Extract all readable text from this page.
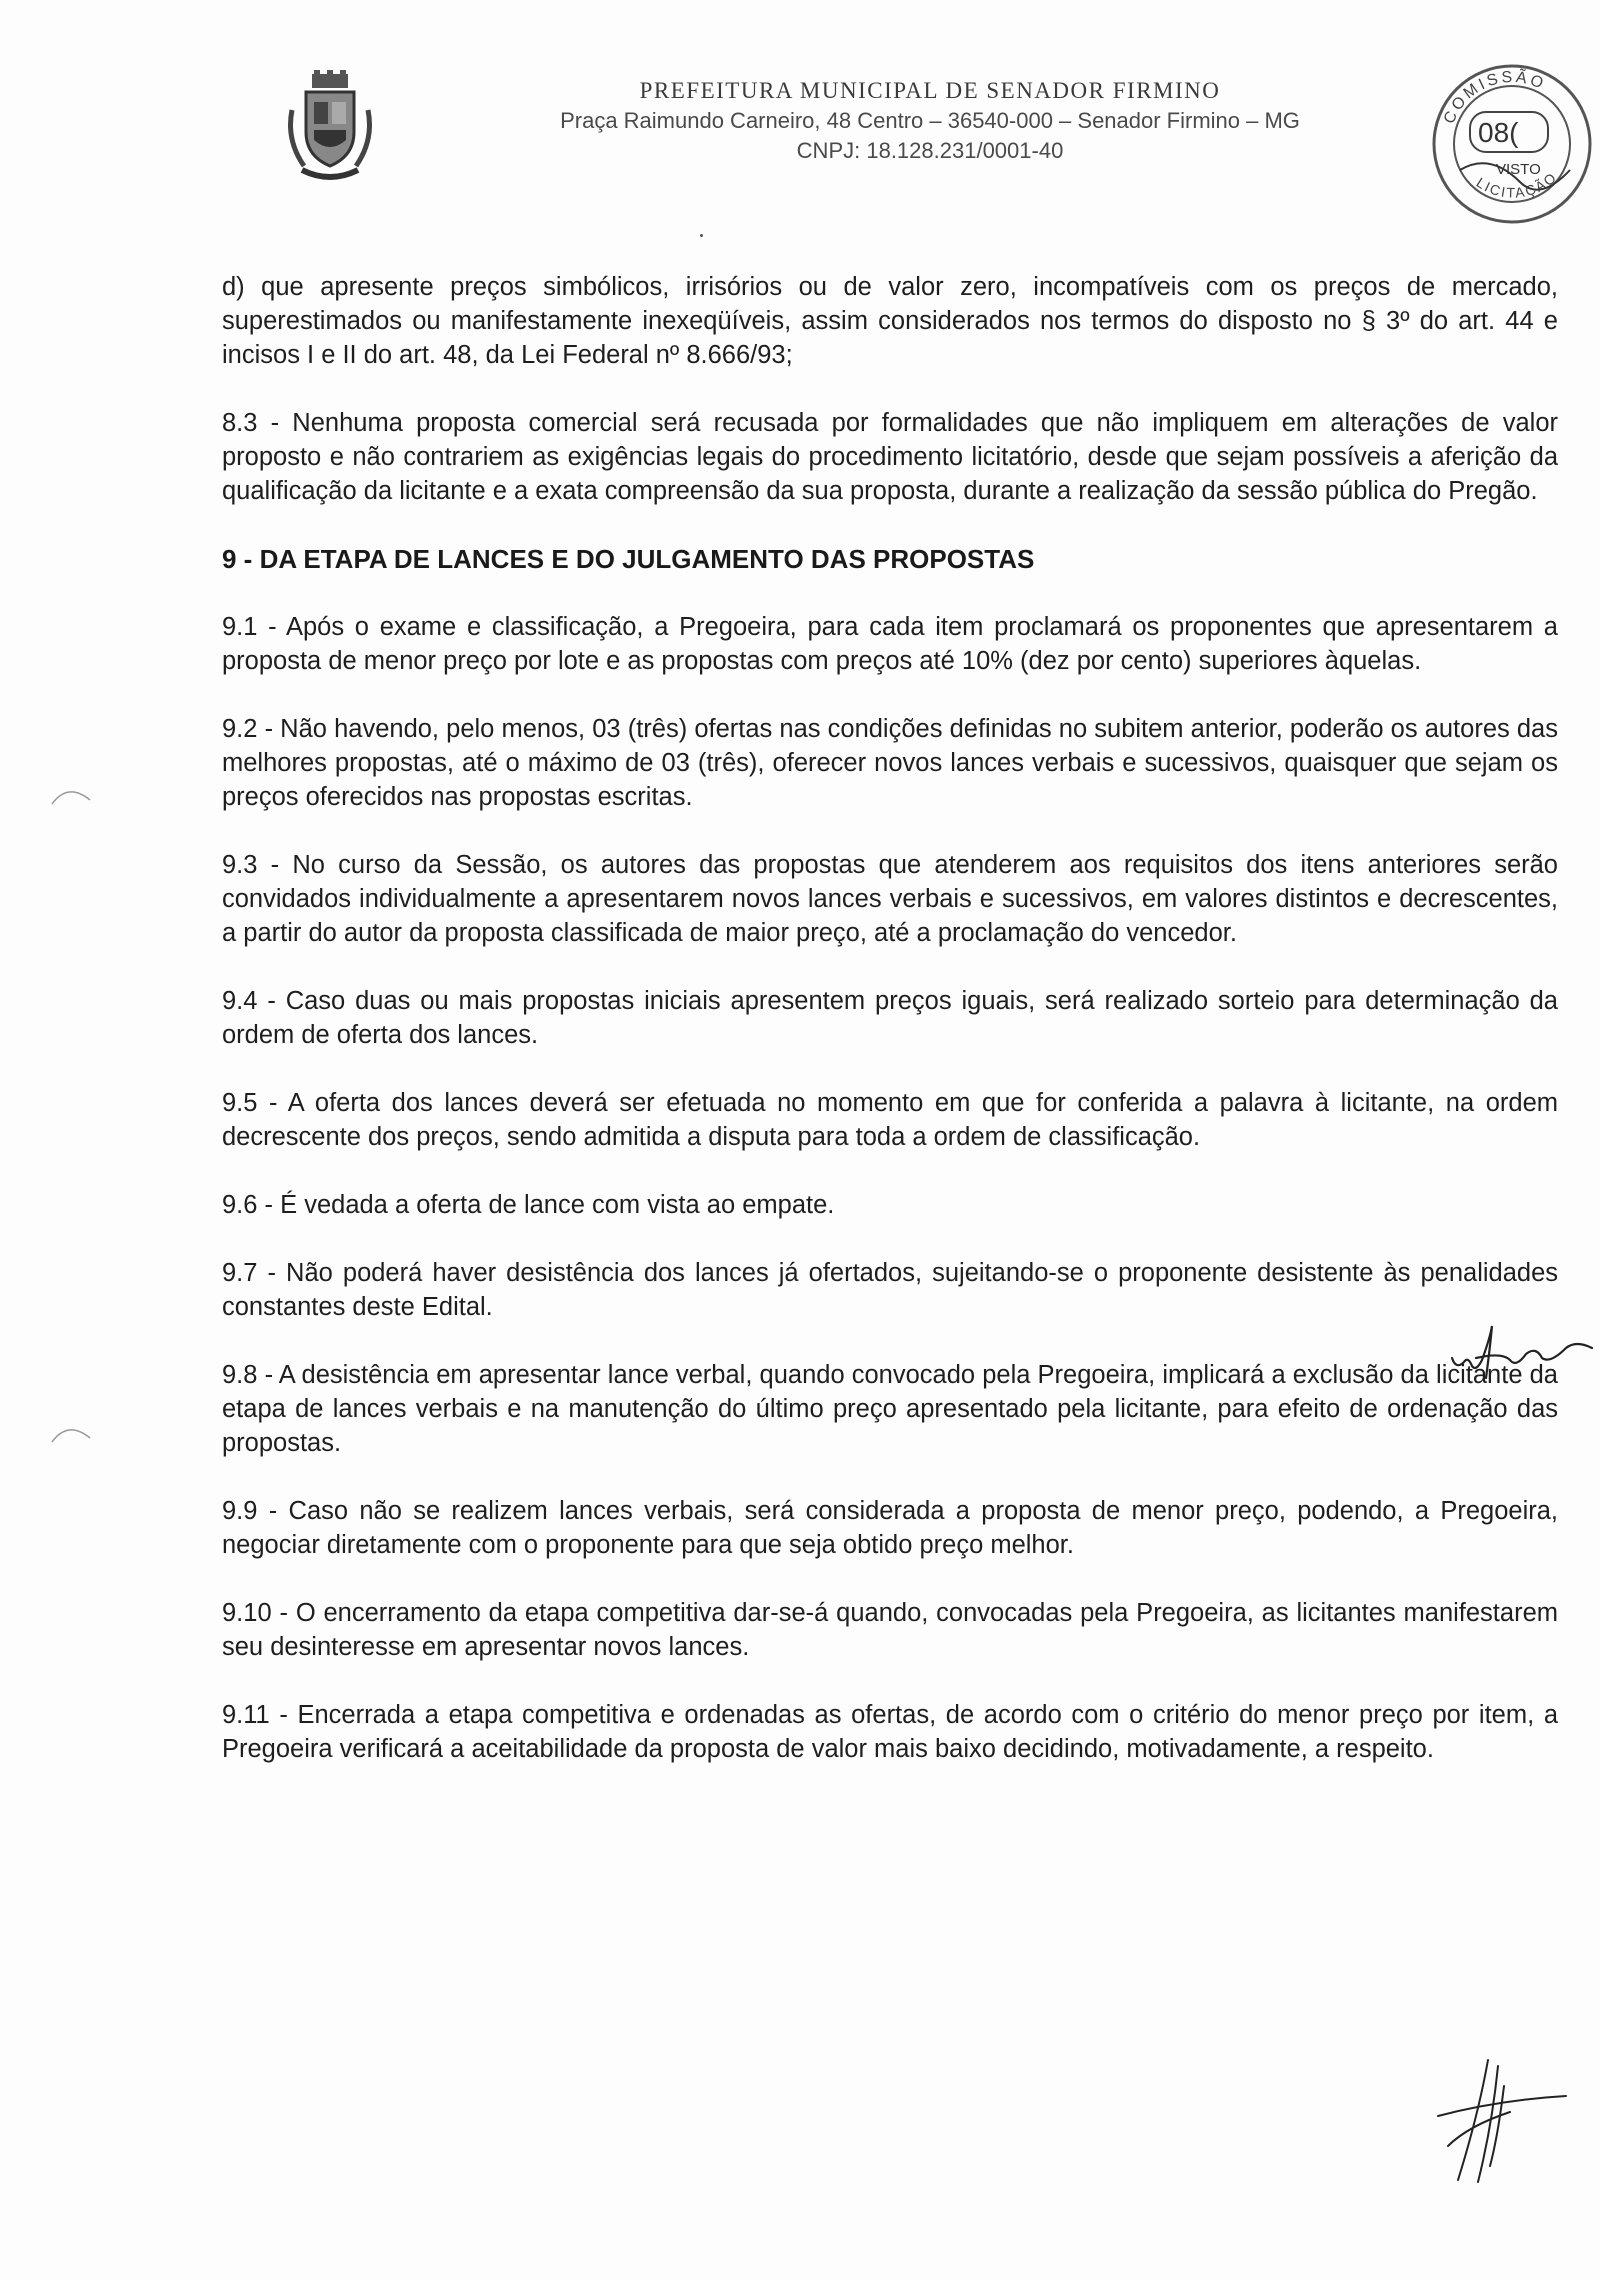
PREFEITURA MUNICIPAL DE SENADOR FIRMINO
Praça Raimundo Carneiro, 48 Centro – 36540-000 – Senador Firmino – MG
CNPJ: 18.128.231/0001-40
COMISSÃO
LICITAÇÃO
08(
VISTO

d) que apresente preços simbólicos, irrisórios ou de valor zero, incompatíveis com os preços de mercado, superestimados ou manifestamente inexeqüíveis, assim considerados nos termos do disposto no § 3º do art. 44 e incisos I e II do art. 48, da Lei Federal nº 8.666/93;

8.3 - Nenhuma proposta comercial será recusada por formalidades que não impliquem em alterações de valor proposto e não contrariem as exigências legais do procedimento licitatório, desde que sejam possíveis a aferição da qualificação da licitante e a exata compreensão da sua proposta, durante a realização da sessão pública do Pregão.

9 - DA ETAPA DE LANCES E DO JULGAMENTO DAS PROPOSTAS

9.1 - Após o exame e classificação, a Pregoeira, para cada item proclamará os proponentes que apresentarem a proposta de menor preço por lote e as propostas com preços até 10% (dez por cento) superiores àquelas.

9.2 - Não havendo, pelo menos, 03 (três) ofertas nas condições definidas no subitem anterior, poderão os autores das melhores propostas, até o máximo de 03 (três), oferecer novos lances verbais e sucessivos, quaisquer que sejam os preços oferecidos nas propostas escritas.

9.3 - No curso da Sessão, os autores das propostas que atenderem aos requisitos dos itens anteriores serão convidados individualmente a apresentarem novos lances verbais e sucessivos, em valores distintos e decrescentes, a partir do autor da proposta classificada de maior preço, até a proclamação do vencedor.

9.4 - Caso duas ou mais propostas iniciais apresentem preços iguais, será realizado sorteio para determinação da ordem de oferta dos lances.

9.5 - A oferta dos lances deverá ser efetuada no momento em que for conferida a palavra à licitante, na ordem decrescente dos preços, sendo admitida a disputa para toda a ordem de classificação.

9.6 - É vedada a oferta de lance com vista ao empate.

9.7 - Não poderá haver desistência dos lances já ofertados, sujeitando-se o proponente desistente às penalidades constantes deste Edital.

9.8 - A desistência em apresentar lance verbal, quando convocado pela Pregoeira, implicará a exclusão da licitante da etapa de lances verbais e na manutenção do último preço apresentado pela licitante, para efeito de ordenação das propostas.

9.9 - Caso não se realizem lances verbais, será considerada a proposta de menor preço, podendo, a Pregoeira, negociar diretamente com o proponente para que seja obtido preço melhor.

9.10 - O encerramento da etapa competitiva dar-se-á quando, convocadas pela Pregoeira, as licitantes manifestarem seu desinteresse em apresentar novos lances.

9.11 - Encerrada a etapa competitiva e ordenadas as ofertas, de acordo com o critério do menor preço por item, a Pregoeira verificará a aceitabilidade da proposta de valor mais baixo decidindo, motivadamente, a respeito.
